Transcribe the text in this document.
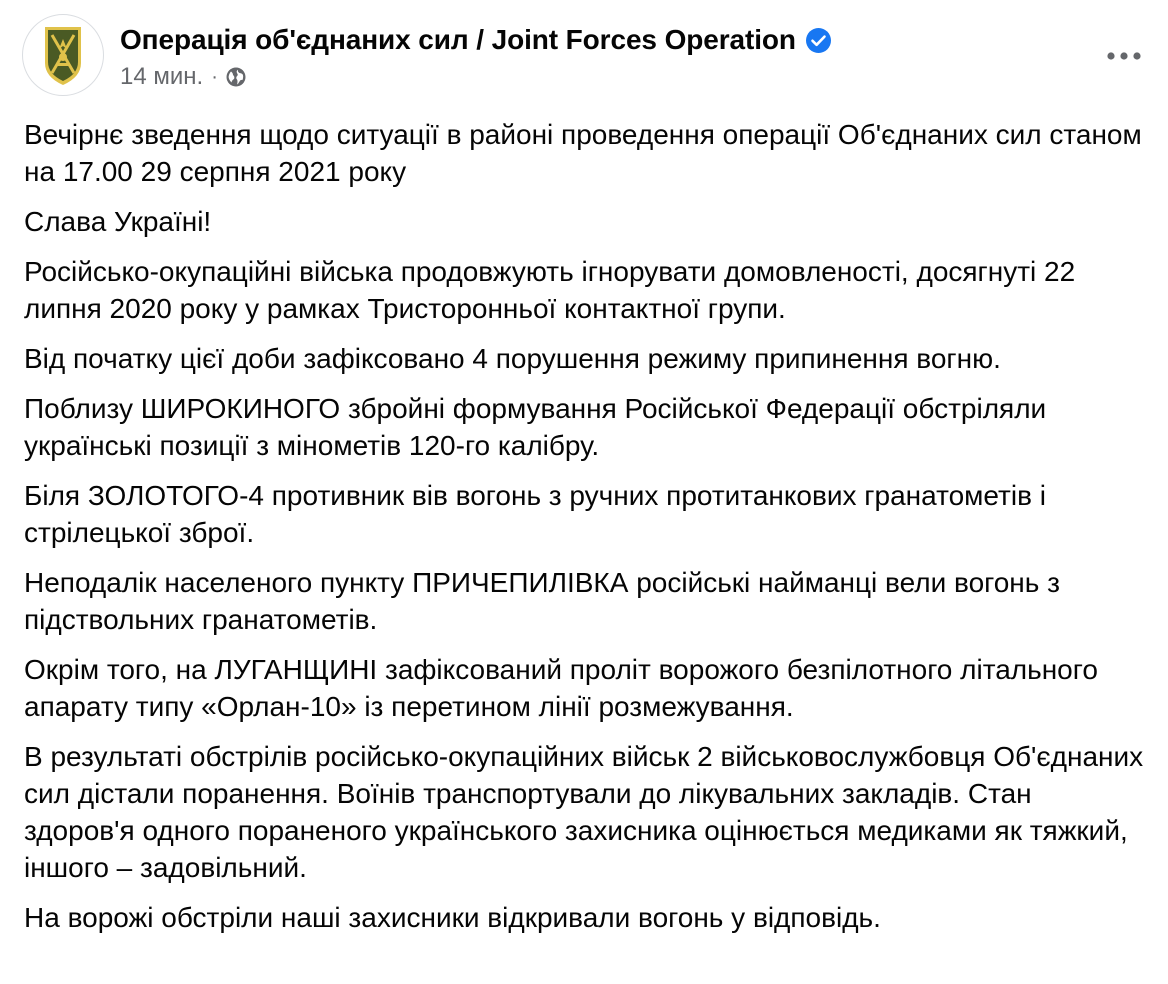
Операція об'єднаних сил / Joint Forces Operation
14 мин. ·

Вечірнє зведення щодо ситуації в районі проведення операції Об'єднаних сил станом на 17.00 29 серпня 2021 року

Слава Україні!

Російсько-окупаційні війська продовжують ігнорувати домовленості, досягнуті 22 липня 2020 року у рамках Тристоронньої контактної групи.

Від початку цієї доби зафіксовано 4 порушення режиму припинення вогню.

Поблизу ШИРОКИНОГО збройні формування Російської Федерації обстріляли українські позиції з мінометів 120-го калібру.

Біля ЗОЛОТОГО-4 противник вів вогонь з ручних протитанкових гранатометів і стрілецької зброї.

Неподалік населеного пункту ПРИЧЕПИЛІВКА російські найманці вели вогонь з підствольних гранатометів.

Окрім того, на ЛУГАНЩИНІ зафіксований проліт ворожого безпілотного літального апарату типу «Орлан-10» із перетином лінії розмежування.

В результаті обстрілів російсько-окупаційних військ 2 військовослужбовця Об'єднаних сил дістали поранення. Воїнів транспортували до лікувальних закладів. Стан здоров'я одного пораненого українського захисника оцінюється медиками як тяжкий, іншого – задовільний.

На ворожі обстріли наші захисники відкривали вогонь у відповідь.
